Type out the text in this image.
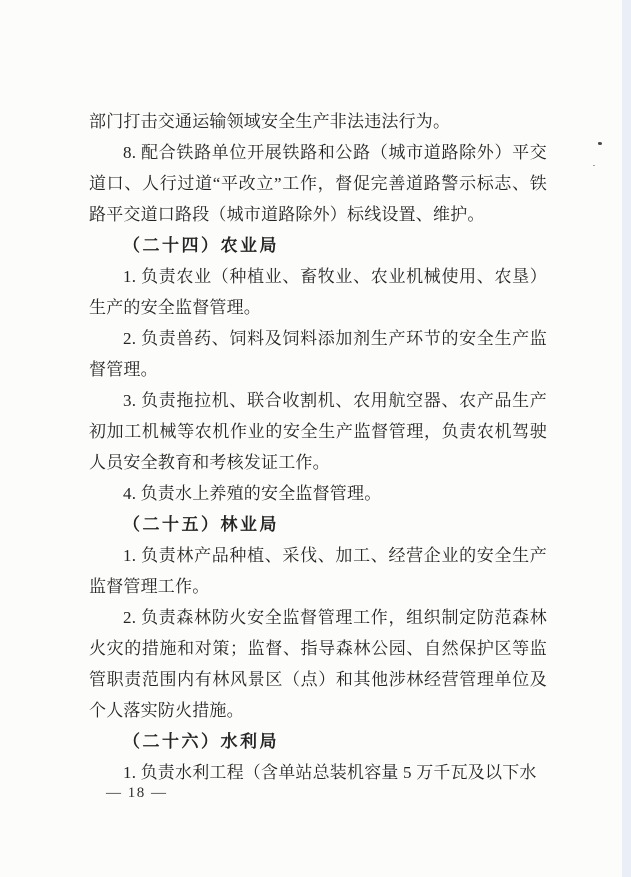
部门打击交通运输领域安全生产非法违法行为。

8. 配合铁路单位开展铁路和公路（城市道路除外）平交道口、人行过道“平改立”工作，督促完善道路警示标志、铁路平交道口路段（城市道路除外）标线设置、维护。

（二十四）农业局

1. 负责农业（种植业、畜牧业、农业机械使用、农垦）生产的安全监督管理。

2. 负责兽药、饲料及饲料添加剂生产环节的安全生产监督管理。

3. 负责拖拉机、联合收割机、农用航空器、农产品生产初加工机械等农机作业的安全生产监督管理，负责农机驾驶人员安全教育和考核发证工作。

4. 负责水上养殖的安全监督管理。

（二十五）林业局

1. 负责林产品种植、采伐、加工、经营企业的安全生产监督管理工作。

2. 负责森林防火安全监督管理工作，组织制定防范森林火灾的措施和对策；监督、指导森林公园、自然保护区等监管职责范围内有林风景区（点）和其他涉林经营管理单位及个人落实防火措施。

（二十六）水利局

1. 负责水利工程（含单站总装机容量 5 万千瓦及以下水

— 18 —
